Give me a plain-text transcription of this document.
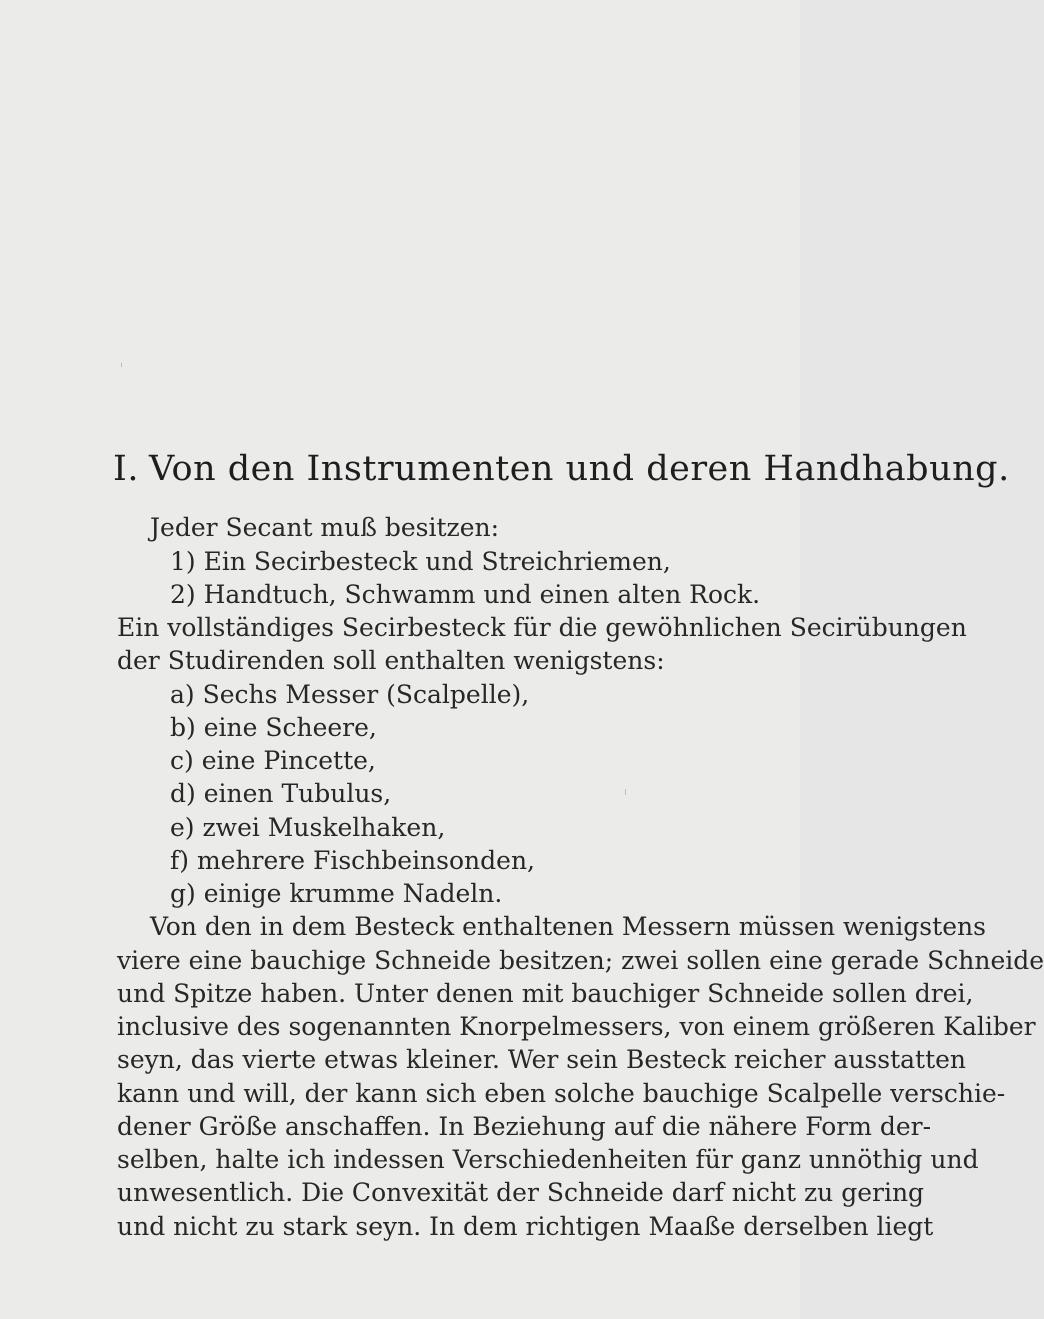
I. Von den Instrumenten und deren Handhabung.
Jeder Secant muß besitzen:
1) Ein Secirbesteck und Streichriemen,
2) Handtuch, Schwamm und einen alten Rock.
Ein vollständiges Secirbesteck für die gewöhnlichen Secirübungen
der Studirenden soll enthalten wenigstens:
a) Sechs Messer (Scalpelle),
b) eine Scheere,
c) eine Pincette,
d) einen Tubulus,
e) zwei Muskelhaken,
f) mehrere Fischbeinsonden,
g) einige krumme Nadeln.
Von den in dem Besteck enthaltenen Messern müssen wenigstens
viere eine bauchige Schneide besitzen; zwei sollen eine gerade Schneide
und Spitze haben. Unter denen mit bauchiger Schneide sollen drei,
inclusive des sogenannten Knorpelmessers, von einem größeren Kaliber
seyn, das vierte etwas kleiner. Wer sein Besteck reicher ausstatten
kann und will, der kann sich eben solche bauchige Scalpelle verschie-
dener Größe anschaffen. In Beziehung auf die nähere Form der-
selben, halte ich indessen Verschiedenheiten für ganz unnöthig und
unwesentlich. Die Convexität der Schneide darf nicht zu gering
und nicht zu stark seyn. In dem richtigen Maaße derselben liegt
